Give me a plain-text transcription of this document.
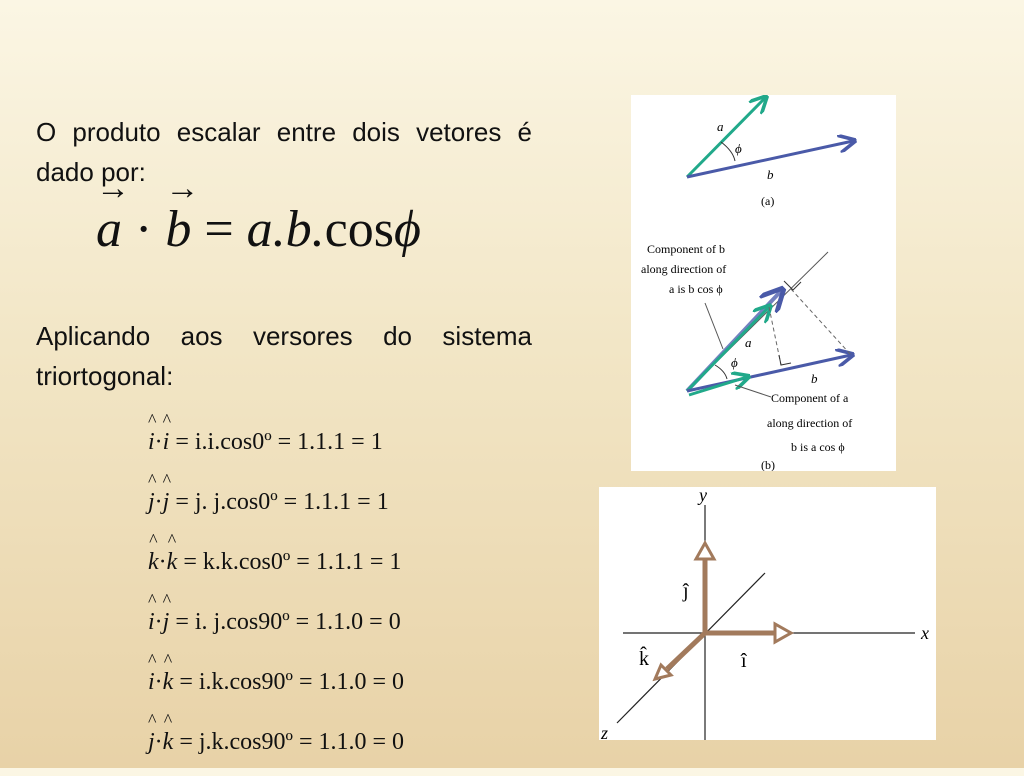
O produto escalar entre dois vetores é dado por:

→ a · → b = a.b.cosϕ

Aplicando aos versores do sistema triortogonal:

^ i·^ i = i.i.cos0º = 1.1.1 = 1
^ j·^ j = j. j.cos0º = 1.1.1 = 1
^ k·^ k = k.k.cos0º = 1.1.1 = 1
^ i·^ j = i. j.cos90º = 1.1.0 = 0
^ i·^ k = i.k.cos90º = 1.1.0 = 0
^ j·^ k = j.k.cos90º = 1.1.0 = 0
a
ϕ
b
(a)
Component of b
along direction of
a is b cos ϕ
a
ϕ
b
Component of a
along direction of
b is a cos ϕ
(b)
y
x
z
ĵ
î
k̂
